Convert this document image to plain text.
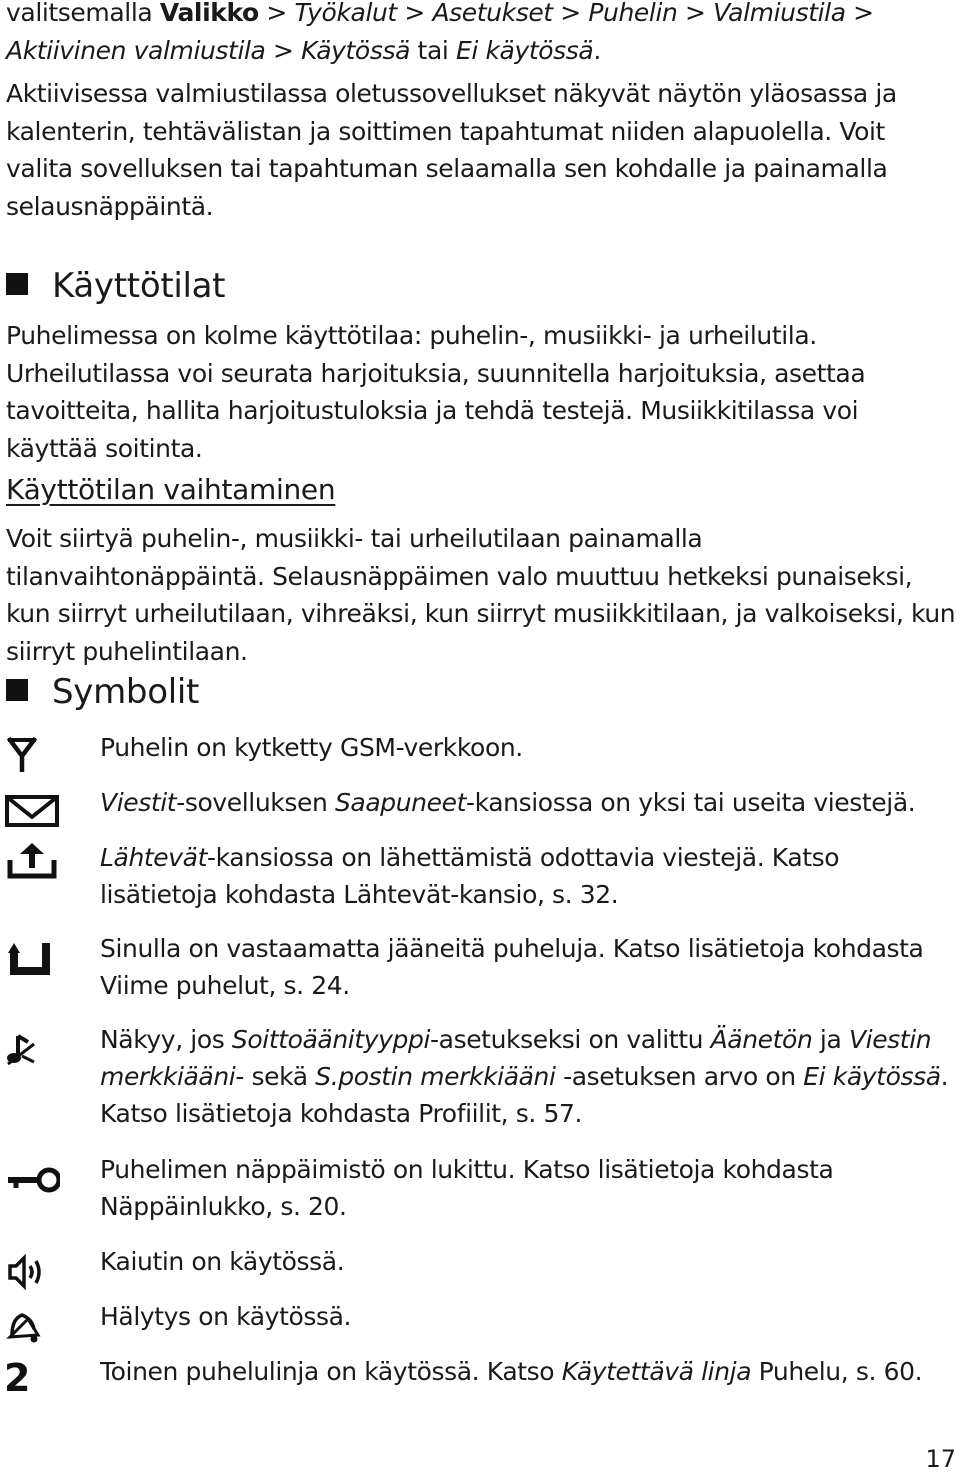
valitsemalla Valikko > Työkalut > Asetukset > Puhelin > Valmiustila > Aktiivinen valmiustila > Käytössä tai Ei käytössä.

Aktiivisessa valmiustilassa oletussovellukset näkyvät näytön yläosassa ja kalenterin, tehtävälistan ja soittimen tapahtumat niiden alapuolella. Voit valita sovelluksen tai tapahtuman selaamalla sen kohdalle ja painamalla selausnäppäintä.

Käyttötilat

Puhelimessa on kolme käyttötilaa: puhelin-, musiikki- ja urheilutila. Urheilutilassa voi seurata harjoituksia, suunnitella harjoituksia, asettaa tavoitteita, hallita harjoitustuloksia ja tehdä testejä. Musiikkitilassa voi käyttää soitinta.

Käyttötilan vaihtaminen

Voit siirtyä puhelin-, musiikki- tai urheilutilaan painamalla tilanvaihtonäppäintä. Selausnäppäimen valo muuttuu hetkeksi punaiseksi, kun siirryt urheilutilaan, vihreäksi, kun siirryt musiikkitilaan, ja valkoiseksi, kun siirryt puhelintilaan.

Symbolit

Puhelin on kytketty GSM-verkkoon.

Viestit-sovelluksen Saapuneet-kansiossa on yksi tai useita viestejä.

Lähtevät-kansiossa on lähettämistä odottavia viestejä. Katso lisätietoja kohdasta Lähtevät-kansio, s. 32.

Sinulla on vastaamatta jääneitä puheluja. Katso lisätietoja kohdasta Viime puhelut, s. 24.

Näkyy, jos Soittoäänityyppi-asetukseksi on valittu Äänetön ja Viestin merkkiääni- sekä S.postin merkkiääni -asetuksen arvo on Ei käytössä. Katso lisätietoja kohdasta Profiilit, s. 57.

Puhelimen näppäimistö on lukittu. Katso lisätietoja kohdasta Näppäinlukko, s. 20.

Kaiutin on käytössä.

Hälytys on käytössä.

2	Toinen puhelulinja on käytössä. Katso Käytettävä linja Puhelu, s. 60.

17
